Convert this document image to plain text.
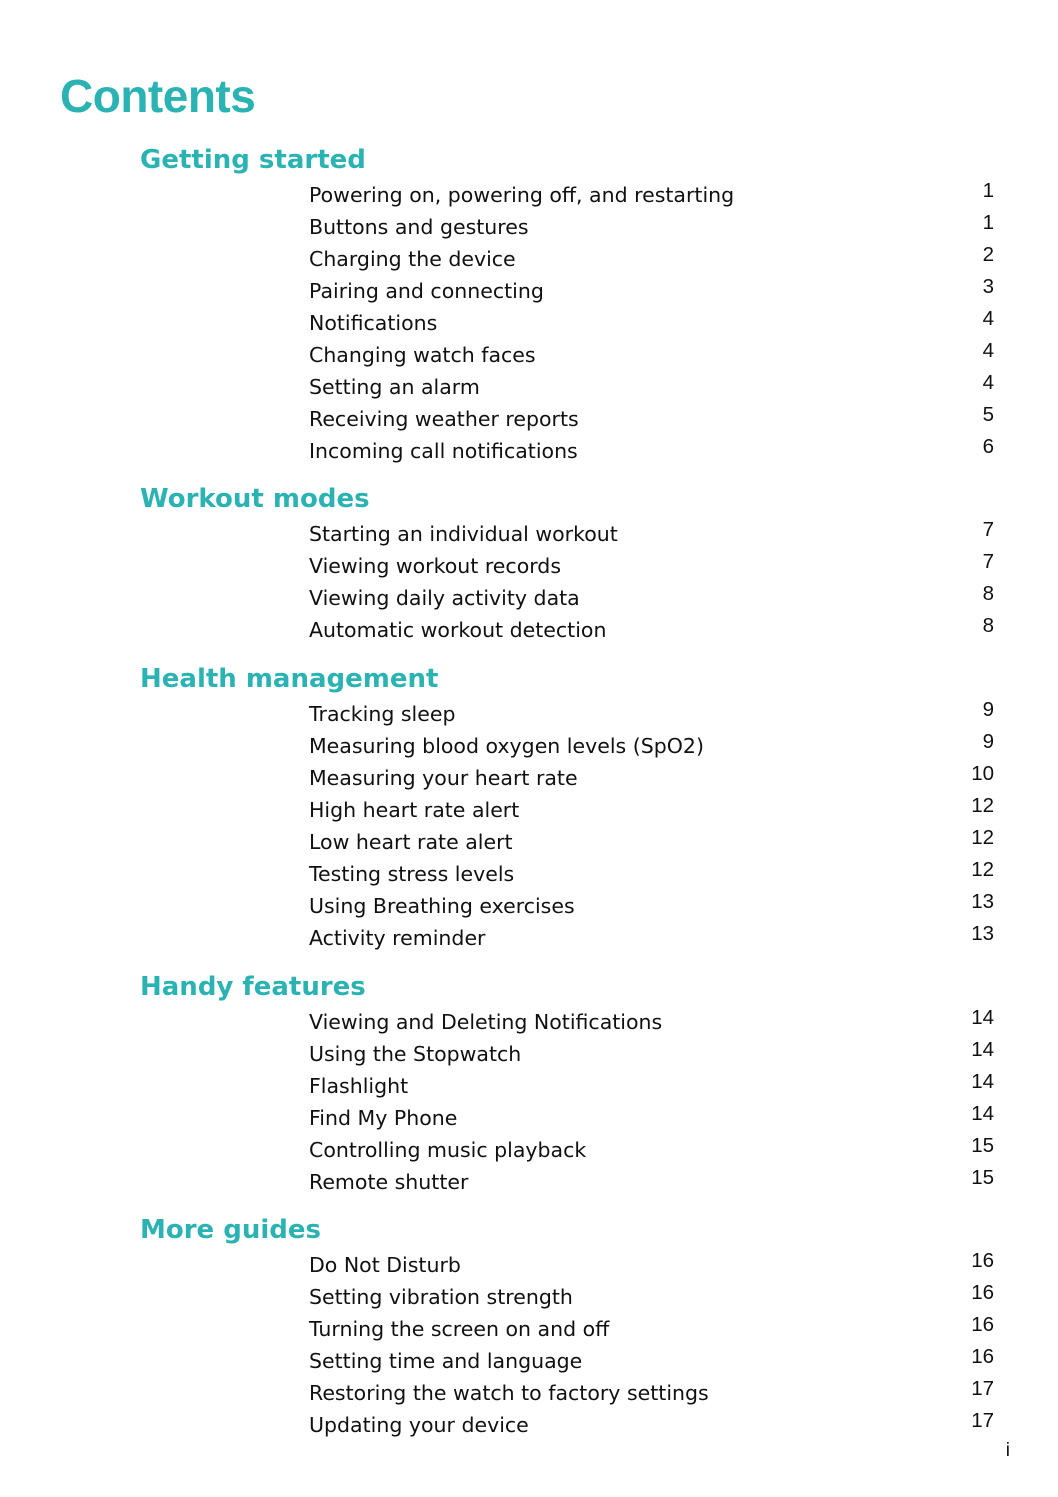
Contents
Getting started
Powering on, powering off, and restarting	1
Buttons and gestures	1
Charging the device	2
Pairing and connecting	3
Notifications	4
Changing watch faces	4
Setting an alarm	4
Receiving weather reports	5
Incoming call notifications	6
Workout modes
Starting an individual workout	7
Viewing workout records	7
Viewing daily activity data	8
Automatic workout detection	8
Health management
Tracking sleep	9
Measuring blood oxygen levels (SpO2)	9
Measuring your heart rate	10
High heart rate alert	12
Low heart rate alert	12
Testing stress levels	12
Using Breathing exercises	13
Activity reminder	13
Handy features
Viewing and Deleting Notifications	14
Using the Stopwatch	14
Flashlight	14
Find My Phone	14
Controlling music playback	15
Remote shutter	15
More guides
Do Not Disturb	16
Setting vibration strength	16
Turning the screen on and off	16
Setting time and language	16
Restoring the watch to factory settings	17
Updating your device	17
i
